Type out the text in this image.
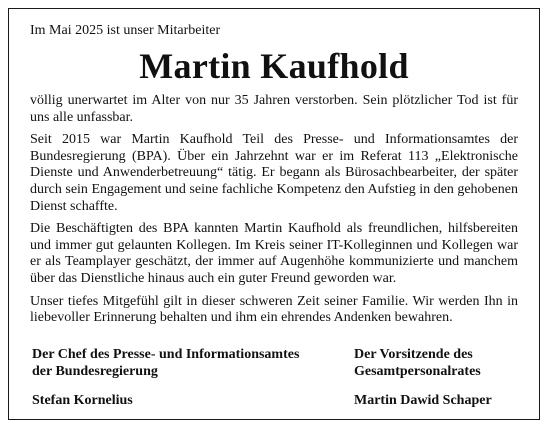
Im Mai 2025 ist unser Mitarbeiter

Martin Kaufhold

völlig unerwartet im Alter von nur 35 Jahren verstorben. Sein plötzlicher Tod ist für uns alle unfassbar.

Seit 2015 war Martin Kaufhold Teil des Presse- und Informationsamtes der Bundesregierung (BPA). Über ein Jahrzehnt war er im Referat 113 „Elektronische Dienste und Anwenderbetreuung“ tätig. Er begann als Bürosachbearbeiter, der später durch sein Engagement und seine fachliche Kompetenz den Aufstieg in den gehobenen Dienst schaffte.

Die Beschäftigten des BPA kannten Martin Kaufhold als freundlichen, hilfsbereiten und immer gut gelaunten Kollegen. Im Kreis seiner IT-Kolleginnen und Kollegen war er als Teamplayer geschätzt, der immer auf Augenhöhe kommunizierte und manchem über das Dienstliche hinaus auch ein guter Freund geworden war.

Unser tiefes Mitgefühl gilt in dieser schweren Zeit seiner Familie. Wir werden Ihn in liebevoller Erinnerung behalten und ihm ein ehrendes Andenken bewahren.

Der Chef des Presse- und Informationsamtes
der Bundesregierung
Stefan Kornelius
Der Vorsitzende des
Gesamtpersonalrates
Martin Dawid Schaper
